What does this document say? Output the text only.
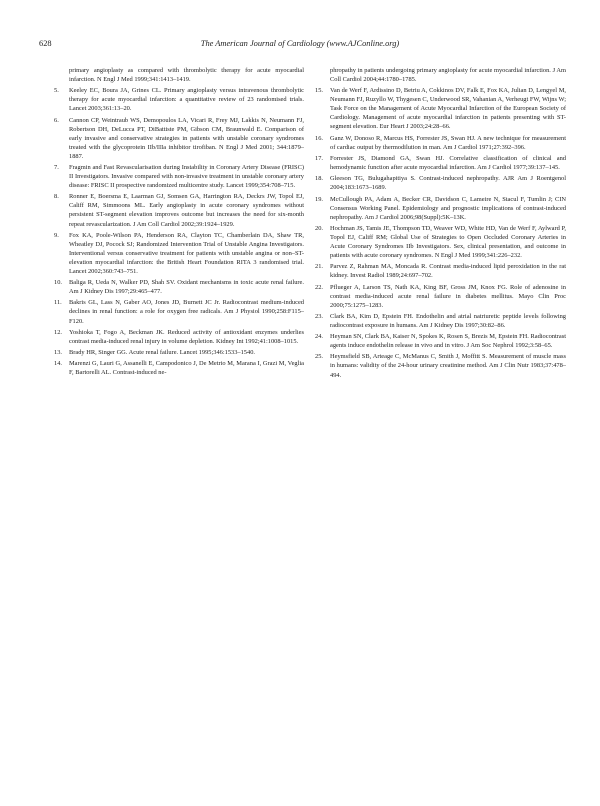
628	The American Journal of Cardiology (www.AJConline.org)
primary angioplasty as compared with thrombolytic therapy for acute myocardial infarction. N Engl J Med 1999;341:1413–1419.
5.	Keeley EC, Boura JA, Grines CL. Primary angioplasty versus intravenous thrombolytic therapy for acute myocardial infarction: a quantitative review of 23 randomised trials. Lancet 2003;361:13–20.
6.	Cannon CP, Weintraub WS, Demopoulos LA, Vicari R, Frey MJ, Lakkis N, Neumann FJ, Robertson DH, DeLucca PT, DiBattiste PM, Gibson CM, Braunwald E. Comparison of early invasive and conservative strategies in patients with unstable coronary syndromes treated with the glycoprotein IIb/IIIa inhibitor tirofiban. N Engl J Med 2001; 344:1879–1887.
7.	Fragmin and Fast Revascularisation during Instability in Coronary Artery Disease (FRISC) II Investigators. Invasive compared with non-invasive treatment in unstable coronary artery disease: FRISC II prospective randomized multicentre study. Lancet 1999;354:708–715.
8.	Ronner E, Boersma E, Laarman GJ, Somsen GA, Harrington RA, Deckrs JW, Topol EJ, Califf RM, Simmoons ML. Early angioplasty in acute coronary syndromes without persistent ST-segment elevation improves outcome but increases the need for six-month repeat revascularization. J Am Coll Cardiol 2002;39:1924–1929.
9.	Fox KA, Poole-Wilson PA, Henderson RA, Clayton TC, Chamberlain DA, Shaw TR, Wheatley DJ, Pocock SJ; Randomized Intervention Trial of Unstable Angina Investigators. Interventional versus conservative treatment for patients with unstable angina or non–ST-elevation myocardial infarction: the British Heart Foundation RITA 3 randomised trial. Lancet 2002;360:743–751.
10.	Baliga R, Ueda N, Walker PD, Shah SV. Oxidant mechanisms in toxic acute renal failure. Am J Kidney Dis 1997;29:465–477.
11.	Bakris GL, Lass N, Gaber AO, Jones JD, Burnett JC Jr. Radiocontrast medium-induced declines in renal function: a role for oxygen free radicals. Am J Physiol 1990;258:F115–F120.
12.	Yoshioka T, Fogo A, Beckman JK. Reduced activity of antioxidant enzymes underlies contrast media-induced renal injury in volume depletion. Kidney Int 1992;41:1008–1015.
13.	Brady HR, Singer GG. Acute renal failure. Lancet 1995;346:1533–1540.
14.	Marenzi G, Lauri G, Assanelli E, Campodonico J, De Metrio M, Marana I, Grazi M, Veglia F, Bartorelli AL. Contrast-induced ne-
phropathy in patients undergoing primary angioplasty for acute myocardial infarction. J Am Coll Cardiol 2004;44:1780–1785.
15.	Van de Werf F, Ardissino D, Betriu A, Cokkinos DV, Falk E, Fox KA, Julian D, Lengyel M, Neumann FJ, Ruzyllo W, Thygesen C, Underwood SR, Vahanian A, Verheugt FW, Wijns W; Task Force on the Management of Acute Myocardial Infarction of the European Society of Cardiology. Management of acute myocardial infarction in patients presenting with ST-segment elevation. Eur Heart J 2003;24:28–66.
16.	Ganz W, Donoso R, Marcus HS, Forrester JS, Swan HJ. A new technique for measurement of cardiac output by thermodilution in man. Am J Cardiol 1971;27:392–396.
17.	Forrester JS, Diamond GA, Swan HJ. Correlative classification of clinical and hemodynamic function after acute myocardial infarction. Am J Cardiol 1977;39:137–145.
18.	Gleeson TG, Bulugahapitiya S. Contrast-induced nephropathy. AJR Am J Roentgenol 2004;183:1673–1689.
19.	McCullough PA, Adam A, Becker CR, Davidson C, Lameire N, Stacul F, Tumlin J; CIN Consensus Working Panel. Epidemiology and prognostic implications of contrast-induced nephropathy. Am J Cardiol 2006;98(Suppl):5K–13K.
20.	Hochman JS, Tamis JE, Thompson TD, Weaver WD, White HD, Van de Werf F, Aylward P, Topol EJ, Califf RM; Global Use of Strategies to Open Occluded Coronary Arteries in Acute Coronary Syndromes IIb Investigators. Sex, clinical presentation, and outcome in patients with acute coronary syndromes. N Engl J Med 1999;341:226–232.
21.	Parvez Z, Rahman MA, Moncada R. Contrast media-induced lipid peroxidation in the rat kidney. Invest Radiol 1989;24:697–702.
22.	Pflueger A, Larson TS, Nath KA, King BF, Gross JM, Knox FG. Role of adenosine in contrast media-induced acute renal failure in diabetes mellitus. Mayo Clin Proc 2000;75:1275–1283.
23.	Clark BA, Kim D, Epstein FH. Endothelin and atrial natriuretic peptide levels following radiocontrast exposure in humans. Am J Kidney Dis 1997;30:82–86.
24.	Heyman SN, Clark BA, Kaiser N, Spokes K, Rosen S, Brezis M, Epstein FH. Radiocontrast agents induce endothelin release in vivo and in vitro. J Am Soc Nephrol 1992;3:58–65.
25.	Heymsfield SB, Arteage C, McManus C, Smith J, Moffitt S. Measurement of muscle mass in humans: validity of the 24-hour urinary creatinine method. Am J Clin Nutr 1983;37:478–494.
